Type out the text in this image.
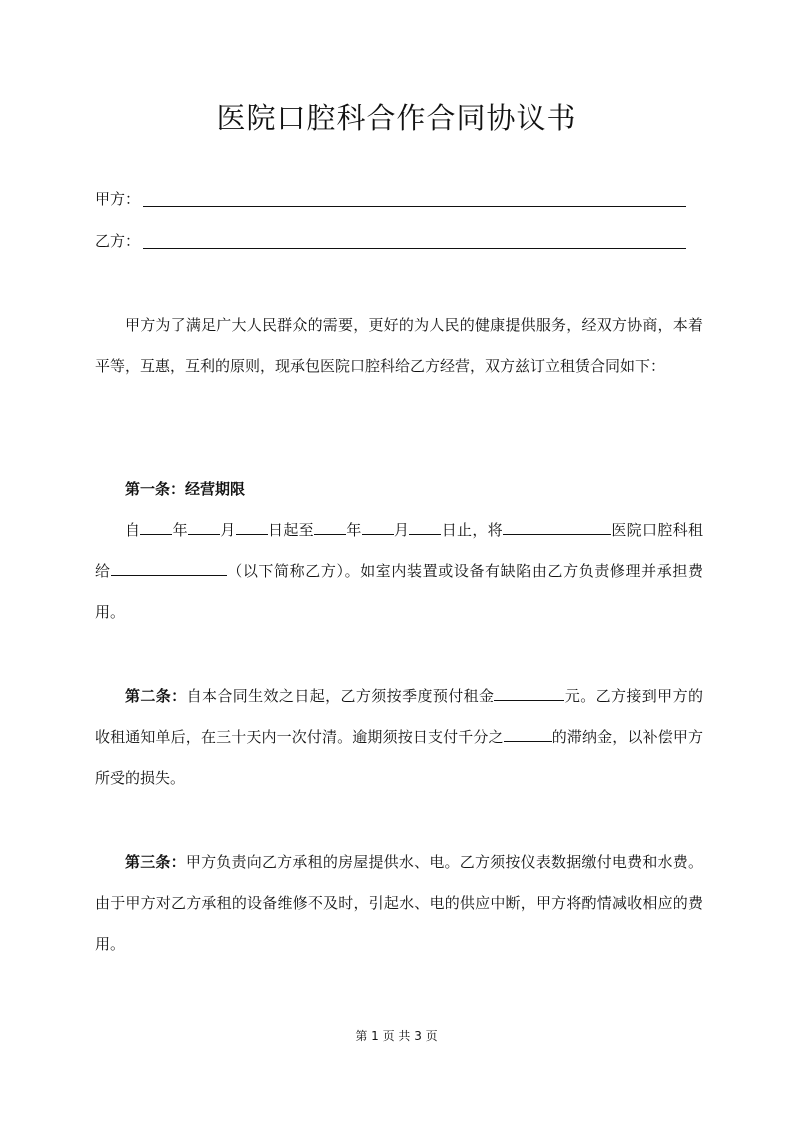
医院口腔科合作合同协议书
甲方：
乙方：
甲方为了满足广大人民群众的需要，更好的为人民的健康提供服务，经双方协商，本着平等，互惠，互利的原则，现承包医院口腔科给乙方经营，双方兹订立租赁合同如下：
第一条：经营期限
自 年 月 日起至 年 月 日止，将	医院口腔科租给	（以下简称乙方）。如室内装置或设备有缺陷由乙方负责修理并承担费用。
第二条：自本合同生效之日起，乙方须按季度预付租金	元。乙方接到甲方的收租通知单后，在三十天内一次付清。逾期须按日支付千分之	的滞纳金，以补偿甲方所受的损失。
第三条：甲方负责向乙方承租的房屋提供水、电。乙方须按仪表数据缴付电费和水费。由于甲方对乙方承租的设备维修不及时，引起水、电的供应中断，甲方将酌情减收相应的费用。
第 1 页 共 3 页
